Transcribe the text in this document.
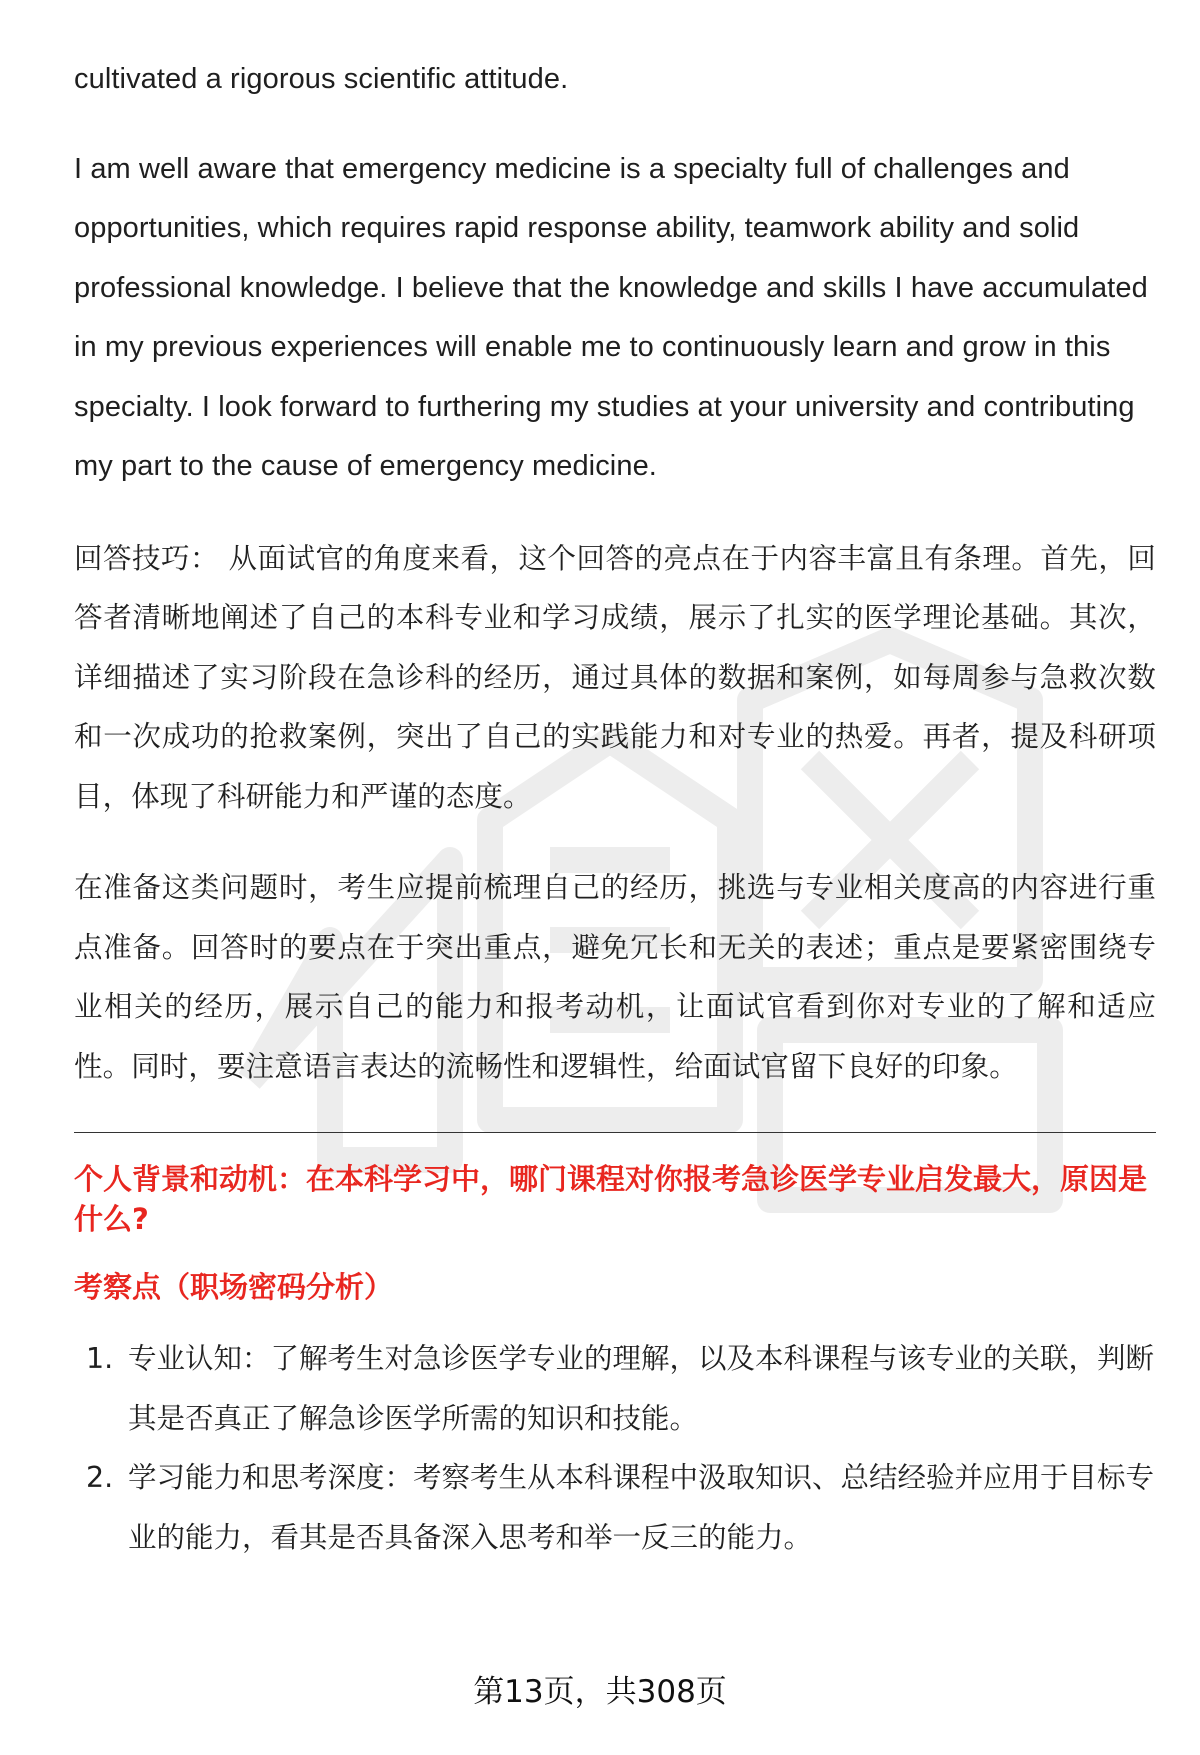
cultivated a rigorous scientific attitude.

I am well aware that emergency medicine is a specialty full of challenges and opportunities, which requires rapid response ability, teamwork ability and solid professional knowledge. I believe that the knowledge and skills I have accumulated in my previous experiences will enable me to continuously learn and grow in this specialty. I look forward to furthering my studies at your university and contributing my part to the cause of emergency medicine.

回答技巧： 从面试官的角度来看，这个回答的亮点在于内容丰富且有条理。首先，回答者清晰地阐述了自己的本科专业和学习成绩，展示了扎实的医学理论基础。其次，详细描述了实习阶段在急诊科的经历，通过具体的数据和案例，如每周参与急救次数和一次成功的抢救案例，突出了自己的实践能力和对专业的热爱。再者，提及科研项目，体现了科研能力和严谨的态度。

在准备这类问题时，考生应提前梳理自己的经历，挑选与专业相关度高的内容进行重点准备。回答时的要点在于突出重点，避免冗长和无关的表述；重点是要紧密围绕专业相关的经历，展示自己的能力和报考动机，让面试官看到你对专业的了解和适应性。同时，要注意语言表达的流畅性和逻辑性，给面试官留下良好的印象。

个人背景和动机：在本科学习中，哪门课程对你报考急诊医学专业启发最大，原因是什么?
考察点（职场密码分析）
1. 专业认知：了解考生对急诊医学专业的理解，以及本科课程与该专业的关联，判断其是否真正了解急诊医学所需的知识和技能。
2. 学习能力和思考深度：考察考生从本科课程中汲取知识、总结经验并应用于目标专业的能力，看其是否具备深入思考和举一反三的能力。
第13页，共308页
